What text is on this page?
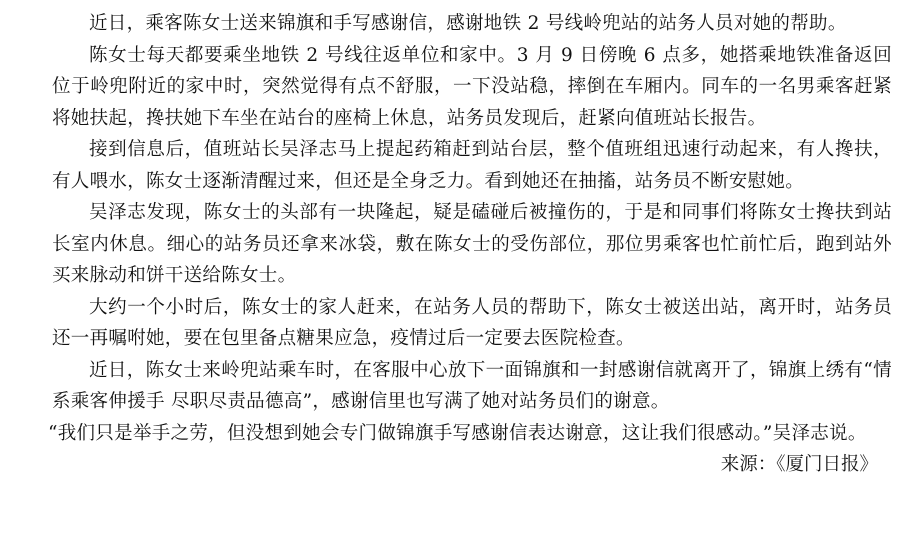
近日，乘客陈女士送来锦旗和手写感谢信，感谢地铁 2 号线岭兜站的站务人员对她的帮助。

陈女士每天都要乘坐地铁 2 号线往返单位和家中。3 月 9 日傍晚 6 点多，她搭乘地铁准备返回位于岭兜附近的家中时，突然觉得有点不舒服，一下没站稳，摔倒在车厢内。同车的一名男乘客赶紧将她扶起，搀扶她下车坐在站台的座椅上休息，站务员发现后，赶紧向值班站长报告。

接到信息后，值班站长吴泽志马上提起药箱赶到站台层，整个值班组迅速行动起来，有人搀扶，有人喂水，陈女士逐渐清醒过来，但还是全身乏力。看到她还在抽搐，站务员不断安慰她。

吴泽志发现，陈女士的头部有一块隆起，疑是磕碰后被撞伤的，于是和同事们将陈女士搀扶到站长室内休息。细心的站务员还拿来冰袋，敷在陈女士的受伤部位，那位男乘客也忙前忙后，跑到站外买来脉动和饼干送给陈女士。

大约一个小时后，陈女士的家人赶来，在站务人员的帮助下，陈女士被送出站，离开时，站务员还一再嘱咐她，要在包里备点糖果应急，疫情过后一定要去医院检查。

近日，陈女士来岭兜站乘车时，在客服中心放下一面锦旗和一封感谢信就离开了，锦旗上绣有“情系乘客伸援手 尽职尽责品德高”，感谢信里也写满了她对站务员们的谢意。

“我们只是举手之劳，但没想到她会专门做锦旗手写感谢信表达谢意，这让我们很感动。”吴泽志说。

来源：《厦门日报》
